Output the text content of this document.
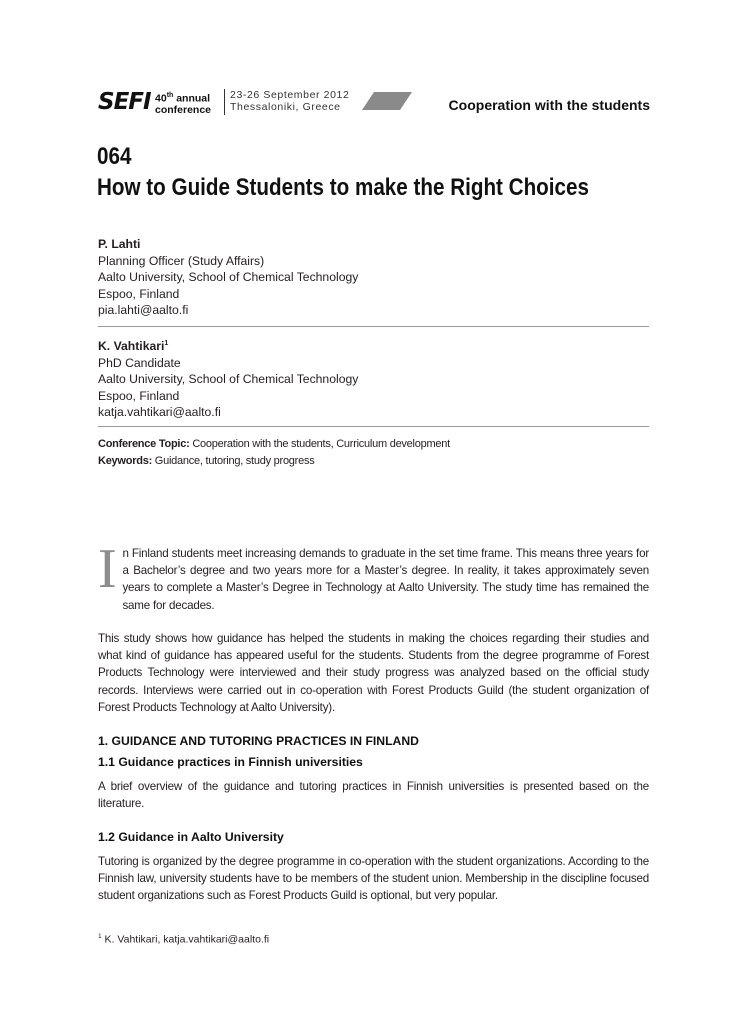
SEFI 40th annual
conference
23-26 September 2012
Thessaloniki, Greece	Cooperation with the students
064
How to Guide Students to make the Right Choices
P. Lahti
Planning Officer (Study Affairs)
Aalto University, School of Chemical Technology
Espoo, Finland
pia.lahti@aalto.fi
K. Vahtikari$^1$
PhD Candidate
Aalto University, School of Chemical Technology
Espoo, Finland
katja.vahtikari@aalto.fi
Conference Topic: Cooperation with the students, Curriculum development
Keywords: Guidance, tutoring, study progress
In Finland students meet increasing demands to graduate in the set time frame. This means three years for a Bachelor’s degree and two years more for a Master’s degree. In reality, it takes approximately seven years to complete a Master’s Degree in Technology at Aalto University. The study time has remained the same for decades.
This study shows how guidance has helped the students in making the choices regarding their studies and what kind of guidance has appeared useful for the students. Students from the degree programme of Forest Products Technology were interviewed and their study progress was analyzed based on the official study records. Interviews were carried out in co-operation with Forest Products Guild (the student organization of Forest Products Technology at Aalto University).
1. GUIDANCE AND TUTORING PRACTICES IN FINLAND
1.1 Guidance practices in Finnish universities
A brief overview of the guidance and tutoring practices in Finnish universities is presented based on the literature.
1.2 Guidance in Aalto University
Tutoring is organized by the degree programme in co-operation with the student organizations. According to the Finnish law, university students have to be members of the student union. Membership in the discipline focused student organizations such as Forest Products Guild is optional, but very popular.
$^1$ K. Vahtikari, katja.vahtikari@aalto.fi
